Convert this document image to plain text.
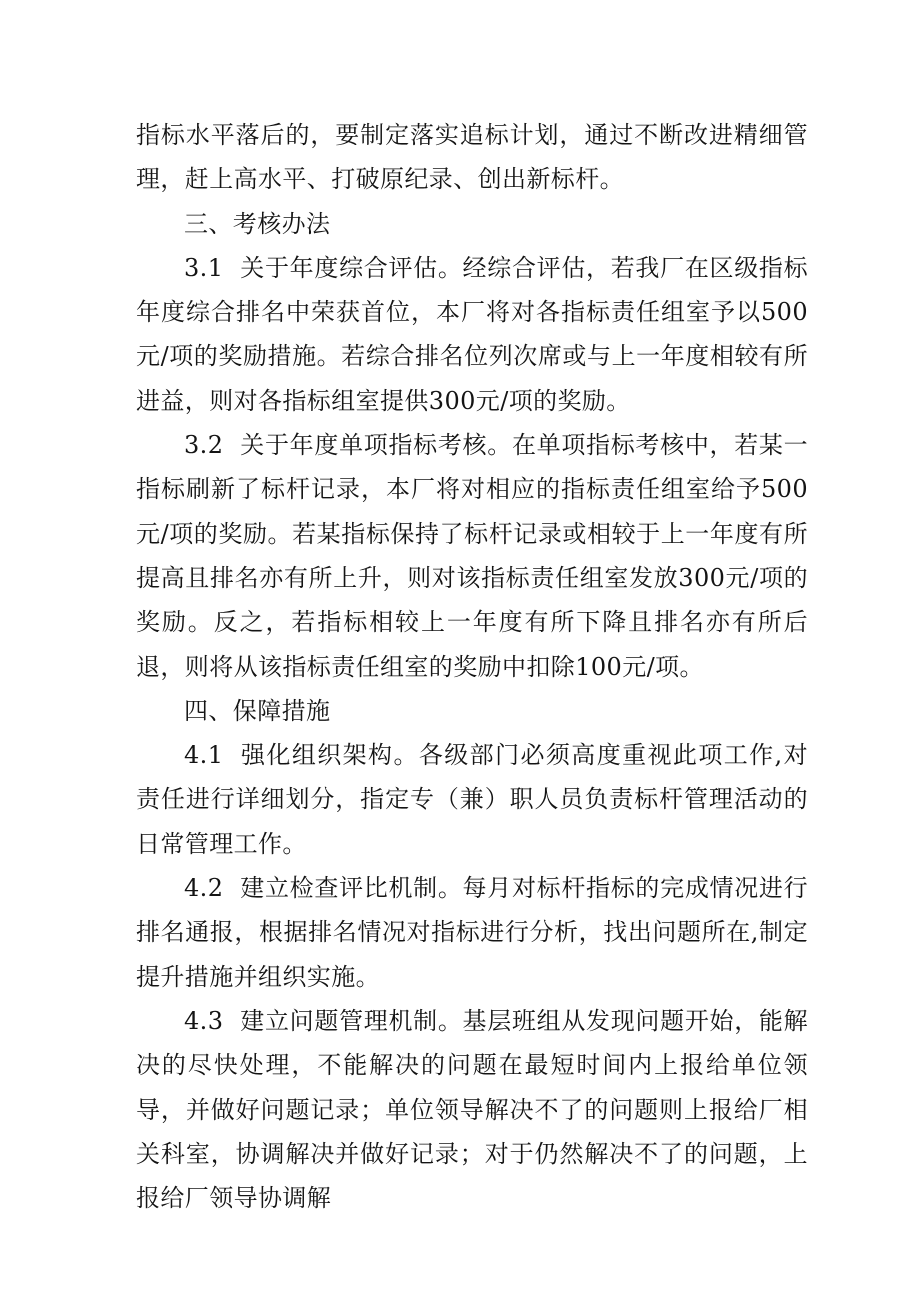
指标水平落后的，要制定落实追标计划，通过不断改进精细管理，赶上高水平、打破原纪录、创出新标杆。

三、考核办法

3.1 关于年度综合评估。经综合评估，若我厂在区级指标年度综合排名中荣获首位，本厂将对各指标责任组室予以500元/项的奖励措施。若综合排名位列次席或与上一年度相较有所进益，则对各指标组室提供300元/项的奖励。

3.2 关于年度单项指标考核。在单项指标考核中，若某一指标刷新了标杆记录，本厂将对相应的指标责任组室给予500元/项的奖励。若某指标保持了标杆记录或相较于上一年度有所提高且排名亦有所上升，则对该指标责任组室发放300元/项的奖励。反之，若指标相较上一年度有所下降且排名亦有所后退，则将从该指标责任组室的奖励中扣除100元/项。

四、保障措施

4.1 强化组织架构。各级部门必须高度重视此项工作,对责任进行详细划分，指定专（兼）职人员负责标杆管理活动的日常管理工作。

4.2 建立检查评比机制。每月对标杆指标的完成情况进行排名通报，根据排名情况对指标进行分析，找出问题所在,制定提升措施并组织实施。

4.3 建立问题管理机制。基层班组从发现问题开始，能解决的尽快处理，不能解决的问题在最短时间内上报给单位领导，并做好问题记录；单位领导解决不了的问题则上报给厂相关科室，协调解决并做好记录；对于仍然解决不了的问题，上报给厂领导协调解
